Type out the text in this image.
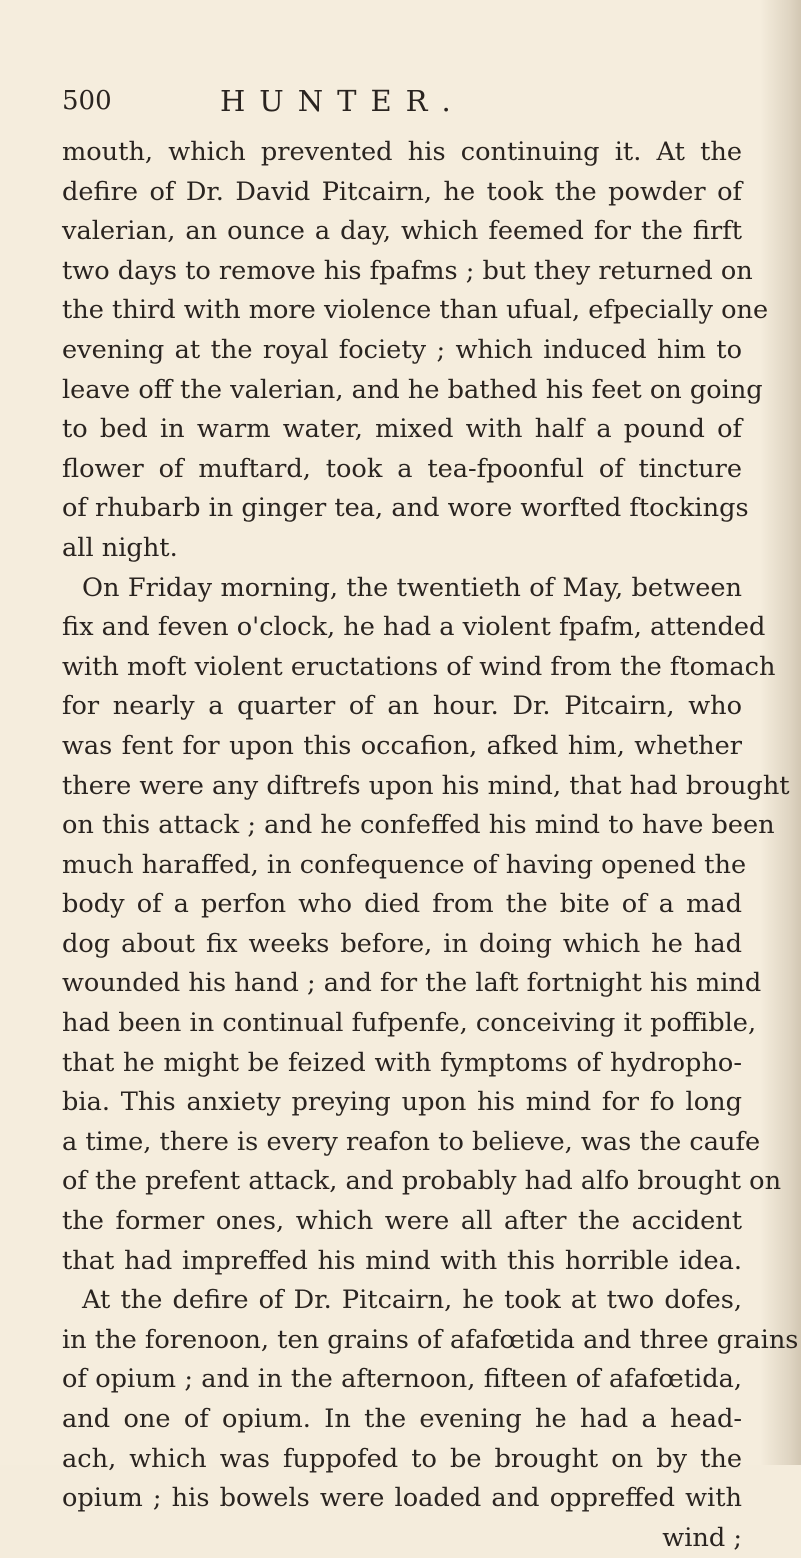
500	HUNTER.
mouth, which prevented his continuing it. At the
defire of Dr. David Pitcairn, he took the powder of
valerian, an ounce a day, which feemed for the firft
two days to remove his fpafms ; but they returned on
the third with more violence than ufual, efpecially one
evening at the royal fociety ; which induced him to
leave off the valerian, and he bathed his feet on going
to bed in warm water, mixed with half a pound of
flower of muftard, took a tea-fpoonful of tincture
of rhubarb in ginger tea, and wore worfted ftockings
all night.
On Friday morning, the twentieth of May, between
fix and feven o'clock, he had a violent fpafm, attended
with moft violent eructations of wind from the ftomach
for nearly a quarter of an hour. Dr. Pitcairn, who
was fent for upon this occafion, afked him, whether
there were any diftrefs upon his mind, that had brought
on this attack ; and he confeffed his mind to have been
much haraffed, in confequence of having opened the
body of a perfon who died from the bite of a mad
dog about fix weeks before, in doing which he had
wounded his hand ; and for the laft fortnight his mind
had been in continual fufpenfe, conceiving it poffible,
that he might be feized with fymptoms of hydropho-
bia. This anxiety preying upon his mind for fo long
a time, there is every reafon to believe, was the caufe
of the prefent attack, and probably had alfo brought on
the former ones, which were all after the accident
that had impreffed his mind with this horrible idea.
At the defire of Dr. Pitcairn, he took at two dofes,
in the forenoon, ten grains of afafœtida and three grains
of opium ; and in the afternoon, fifteen of afafœtida,
and one of opium. In the evening he had a head-
ach, which was fuppofed to be brought on by the
opium ; his bowels were loaded and oppreffed with
wind ;
